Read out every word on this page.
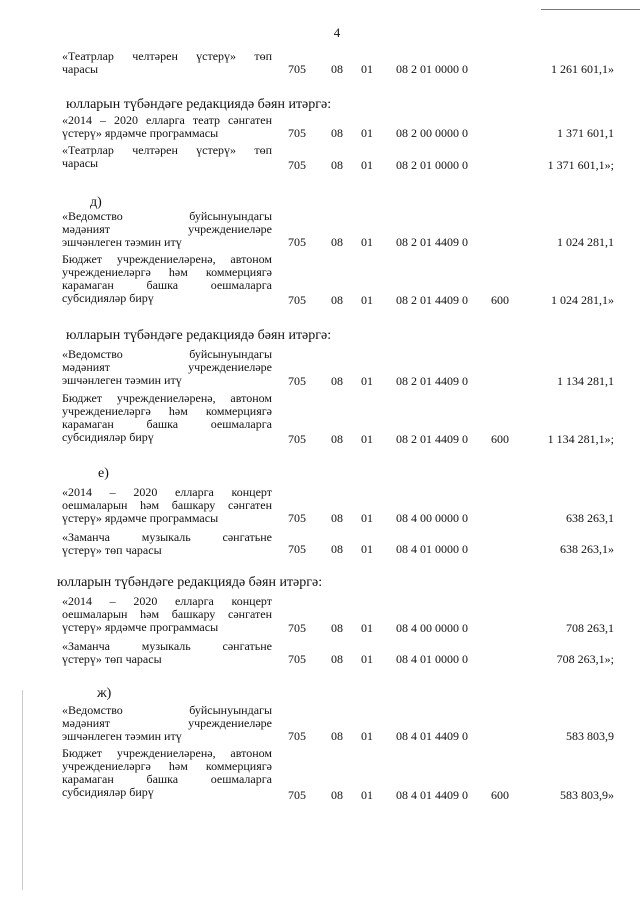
4
юлларын түбәндәге редакциядә бәян итәргә:
юлларын түбәндәге редакциядә бәян итәргә:
юлларын түбәндәге редакциядә бәян итәргә:
д)
е)
ж)
«Театрлар челтәрен үстерү» төп
чарасы	705 08 01 08 2 01 0000 0	1 261 601,1»
«2014 – 2020 елларга театр сәнгатен
үстерү» ярдәмче программасы	705 08 01 08 2 00 0000 0	1 371 601,1
«Театрлар челтәрен үстерү» төп
чарасы	705 08 01 08 2 01 0000 0	1 371 601,1»;
«Ведомство буйсынуындагы
мәдәният учреждениеләре
эшчәнлеген тәэмин итү	705 08 01 08 2 01 4409 0	1 024 281,1
Бюджет учреждениеләренә, автоном
учреждениеләргә һәм коммерциягә
карамаган башка оешмаларга
субсидияләр бирү	705 08 01 08 2 01 4409 0 600	1 024 281,1»
«Ведомство буйсынуындагы
мәдәният учреждениеләре
эшчәнлеген тәэмин итү	705 08 01 08 2 01 4409 0	1 134 281,1
Бюджет учреждениеләренә, автоном
учреждениеләргә һәм коммерциягә
карамаган башка оешмаларга
субсидияләр бирү	705 08 01 08 2 01 4409 0 600	1 134 281,1»;
«2014 – 2020 елларга концерт
оешмаларын һәм башкару сәнгатен
үстерү» ярдәмче программасы	705 08 01 08 4 00 0000 0	638 263,1
«Заманча музыкаль сәнгатьне
үстерү» төп чарасы	705 08 01 08 4 01 0000 0	638 263,1»
«2014 – 2020 елларга концерт
оешмаларын һәм башкару сәнгатен
үстерү» ярдәмче программасы	705 08 01 08 4 00 0000 0	708 263,1
«Заманча музыкаль сәнгатьне
үстерү» төп чарасы	705 08 01 08 4 01 0000 0	708 263,1»;
«Ведомство буйсынуындагы
мәдәният учреждениеләре
эшчәнлеген тәэмин итү	705 08 01 08 4 01 4409 0	583 803,9
Бюджет учреждениеләренә, автоном
учреждениеләргә һәм коммерциягә
карамаган башка оешмаларга
субсидияләр бирү	705 08 01 08 4 01 4409 0 600	583 803,9»
